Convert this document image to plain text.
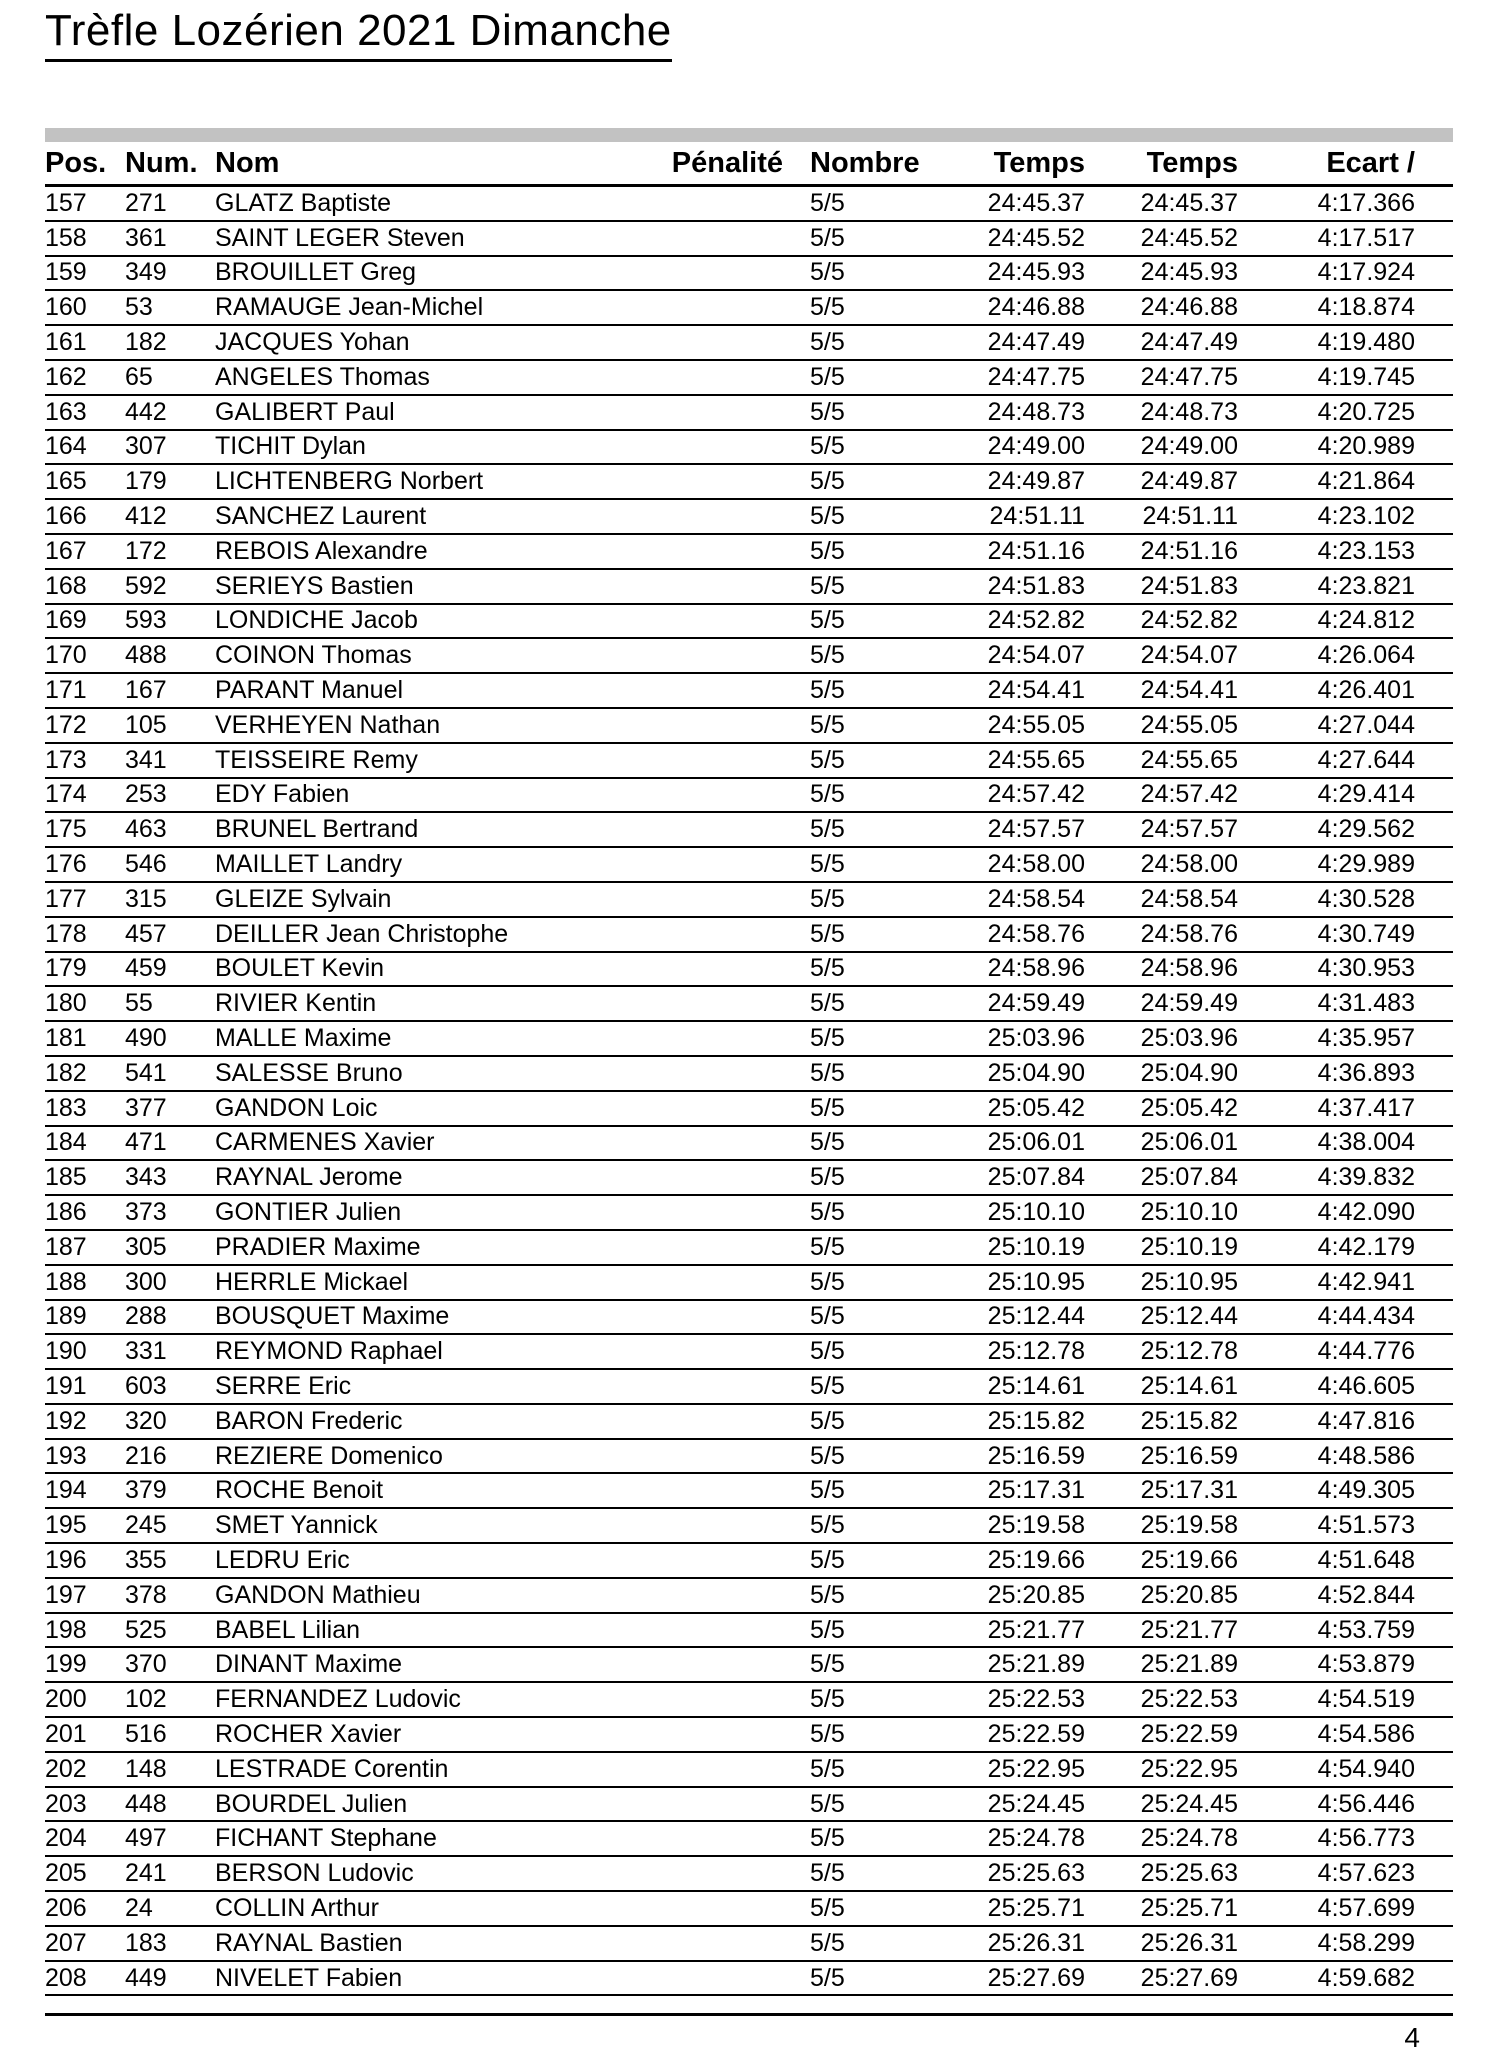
Trèfle Lozérien 2021 Dimanche
Pos.	Num.	Nom	Pénalité	Nombre	Temps	Temps	Ecart /
157	271	GLATZ Baptiste		5/5	24:45.37	24:45.37	4:17.366
158	361	SAINT LEGER Steven		5/5	24:45.52	24:45.52	4:17.517
159	349	BROUILLET Greg		5/5	24:45.93	24:45.93	4:17.924
160	53	RAMAUGE Jean-Michel		5/5	24:46.88	24:46.88	4:18.874
161	182	JACQUES Yohan		5/5	24:47.49	24:47.49	4:19.480
162	65	ANGELES Thomas		5/5	24:47.75	24:47.75	4:19.745
163	442	GALIBERT Paul		5/5	24:48.73	24:48.73	4:20.725
164	307	TICHIT Dylan		5/5	24:49.00	24:49.00	4:20.989
165	179	LICHTENBERG Norbert		5/5	24:49.87	24:49.87	4:21.864
166	412	SANCHEZ Laurent		5/5	24:51.11	24:51.11	4:23.102
167	172	REBOIS Alexandre		5/5	24:51.16	24:51.16	4:23.153
168	592	SERIEYS Bastien		5/5	24:51.83	24:51.83	4:23.821
169	593	LONDICHE Jacob		5/5	24:52.82	24:52.82	4:24.812
170	488	COINON Thomas		5/5	24:54.07	24:54.07	4:26.064
171	167	PARANT Manuel		5/5	24:54.41	24:54.41	4:26.401
172	105	VERHEYEN Nathan		5/5	24:55.05	24:55.05	4:27.044
173	341	TEISSEIRE Remy		5/5	24:55.65	24:55.65	4:27.644
174	253	EDY Fabien		5/5	24:57.42	24:57.42	4:29.414
175	463	BRUNEL Bertrand		5/5	24:57.57	24:57.57	4:29.562
176	546	MAILLET Landry		5/5	24:58.00	24:58.00	4:29.989
177	315	GLEIZE Sylvain		5/5	24:58.54	24:58.54	4:30.528
178	457	DEILLER Jean Christophe		5/5	24:58.76	24:58.76	4:30.749
179	459	BOULET Kevin		5/5	24:58.96	24:58.96	4:30.953
180	55	RIVIER Kentin		5/5	24:59.49	24:59.49	4:31.483
181	490	MALLE Maxime		5/5	25:03.96	25:03.96	4:35.957
182	541	SALESSE Bruno		5/5	25:04.90	25:04.90	4:36.893
183	377	GANDON Loic		5/5	25:05.42	25:05.42	4:37.417
184	471	CARMENES Xavier		5/5	25:06.01	25:06.01	4:38.004
185	343	RAYNAL Jerome		5/5	25:07.84	25:07.84	4:39.832
186	373	GONTIER Julien		5/5	25:10.10	25:10.10	4:42.090
187	305	PRADIER Maxime		5/5	25:10.19	25:10.19	4:42.179
188	300	HERRLE Mickael		5/5	25:10.95	25:10.95	4:42.941
189	288	BOUSQUET Maxime		5/5	25:12.44	25:12.44	4:44.434
190	331	REYMOND Raphael		5/5	25:12.78	25:12.78	4:44.776
191	603	SERRE Eric		5/5	25:14.61	25:14.61	4:46.605
192	320	BARON Frederic		5/5	25:15.82	25:15.82	4:47.816
193	216	REZIERE Domenico		5/5	25:16.59	25:16.59	4:48.586
194	379	ROCHE Benoit		5/5	25:17.31	25:17.31	4:49.305
195	245	SMET Yannick		5/5	25:19.58	25:19.58	4:51.573
196	355	LEDRU Eric		5/5	25:19.66	25:19.66	4:51.648
197	378	GANDON Mathieu		5/5	25:20.85	25:20.85	4:52.844
198	525	BABEL Lilian		5/5	25:21.77	25:21.77	4:53.759
199	370	DINANT Maxime		5/5	25:21.89	25:21.89	4:53.879
200	102	FERNANDEZ Ludovic		5/5	25:22.53	25:22.53	4:54.519
201	516	ROCHER Xavier		5/5	25:22.59	25:22.59	4:54.586
202	148	LESTRADE Corentin		5/5	25:22.95	25:22.95	4:54.940
203	448	BOURDEL Julien		5/5	25:24.45	25:24.45	4:56.446
204	497	FICHANT Stephane		5/5	25:24.78	25:24.78	4:56.773
205	241	BERSON Ludovic		5/5	25:25.63	25:25.63	4:57.623
206	24	COLLIN Arthur		5/5	25:25.71	25:25.71	4:57.699
207	183	RAYNAL Bastien		5/5	25:26.31	25:26.31	4:58.299
208	449	NIVELET Fabien		5/5	25:27.69	25:27.69	4:59.682
4
